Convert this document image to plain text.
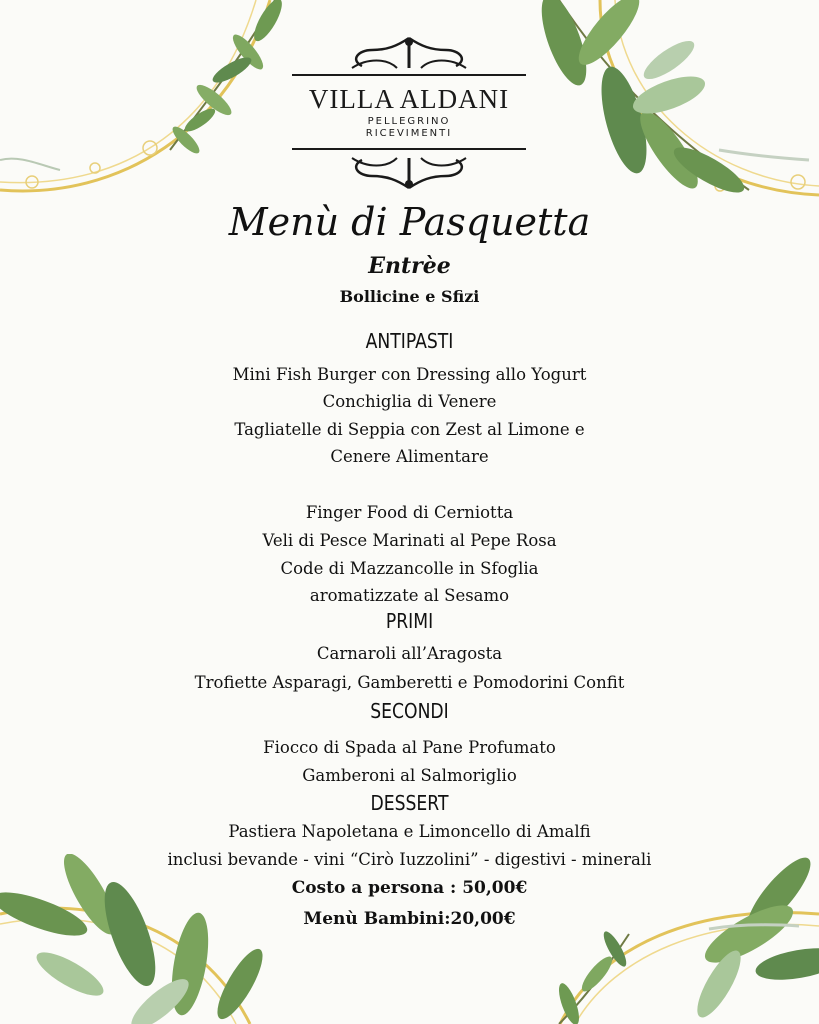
VILLA ALDANI
PELLEGRINO
RICEVIMENTI
Menù di Pasquetta
Entrèe
Bollicine e Sfizi
ANTIPASTI
Mini Fish Burger con Dressing allo Yogurt
Conchiglia di Venere
Tagliatelle di Seppia con Zest al Limone e
Cenere Alimentare
Finger Food di Cerniotta
Veli di Pesce Marinati al Pepe Rosa
Code di Mazzancolle in Sfoglia
aromatizzate al Sesamo
PRIMI
Carnaroli all’Aragosta
Trofiette Asparagi, Gamberetti e Pomodorini Confit
SECONDI
Fiocco di Spada al Pane Profumato
Gamberoni al Salmoriglio
DESSERT
Pastiera Napoletana e Limoncello di Amalfi
inclusi bevande - vini “Cirò Iuzzolini” - digestivi - minerali
Costo a persona : 50,00€
Menù Bambini:20,00€
